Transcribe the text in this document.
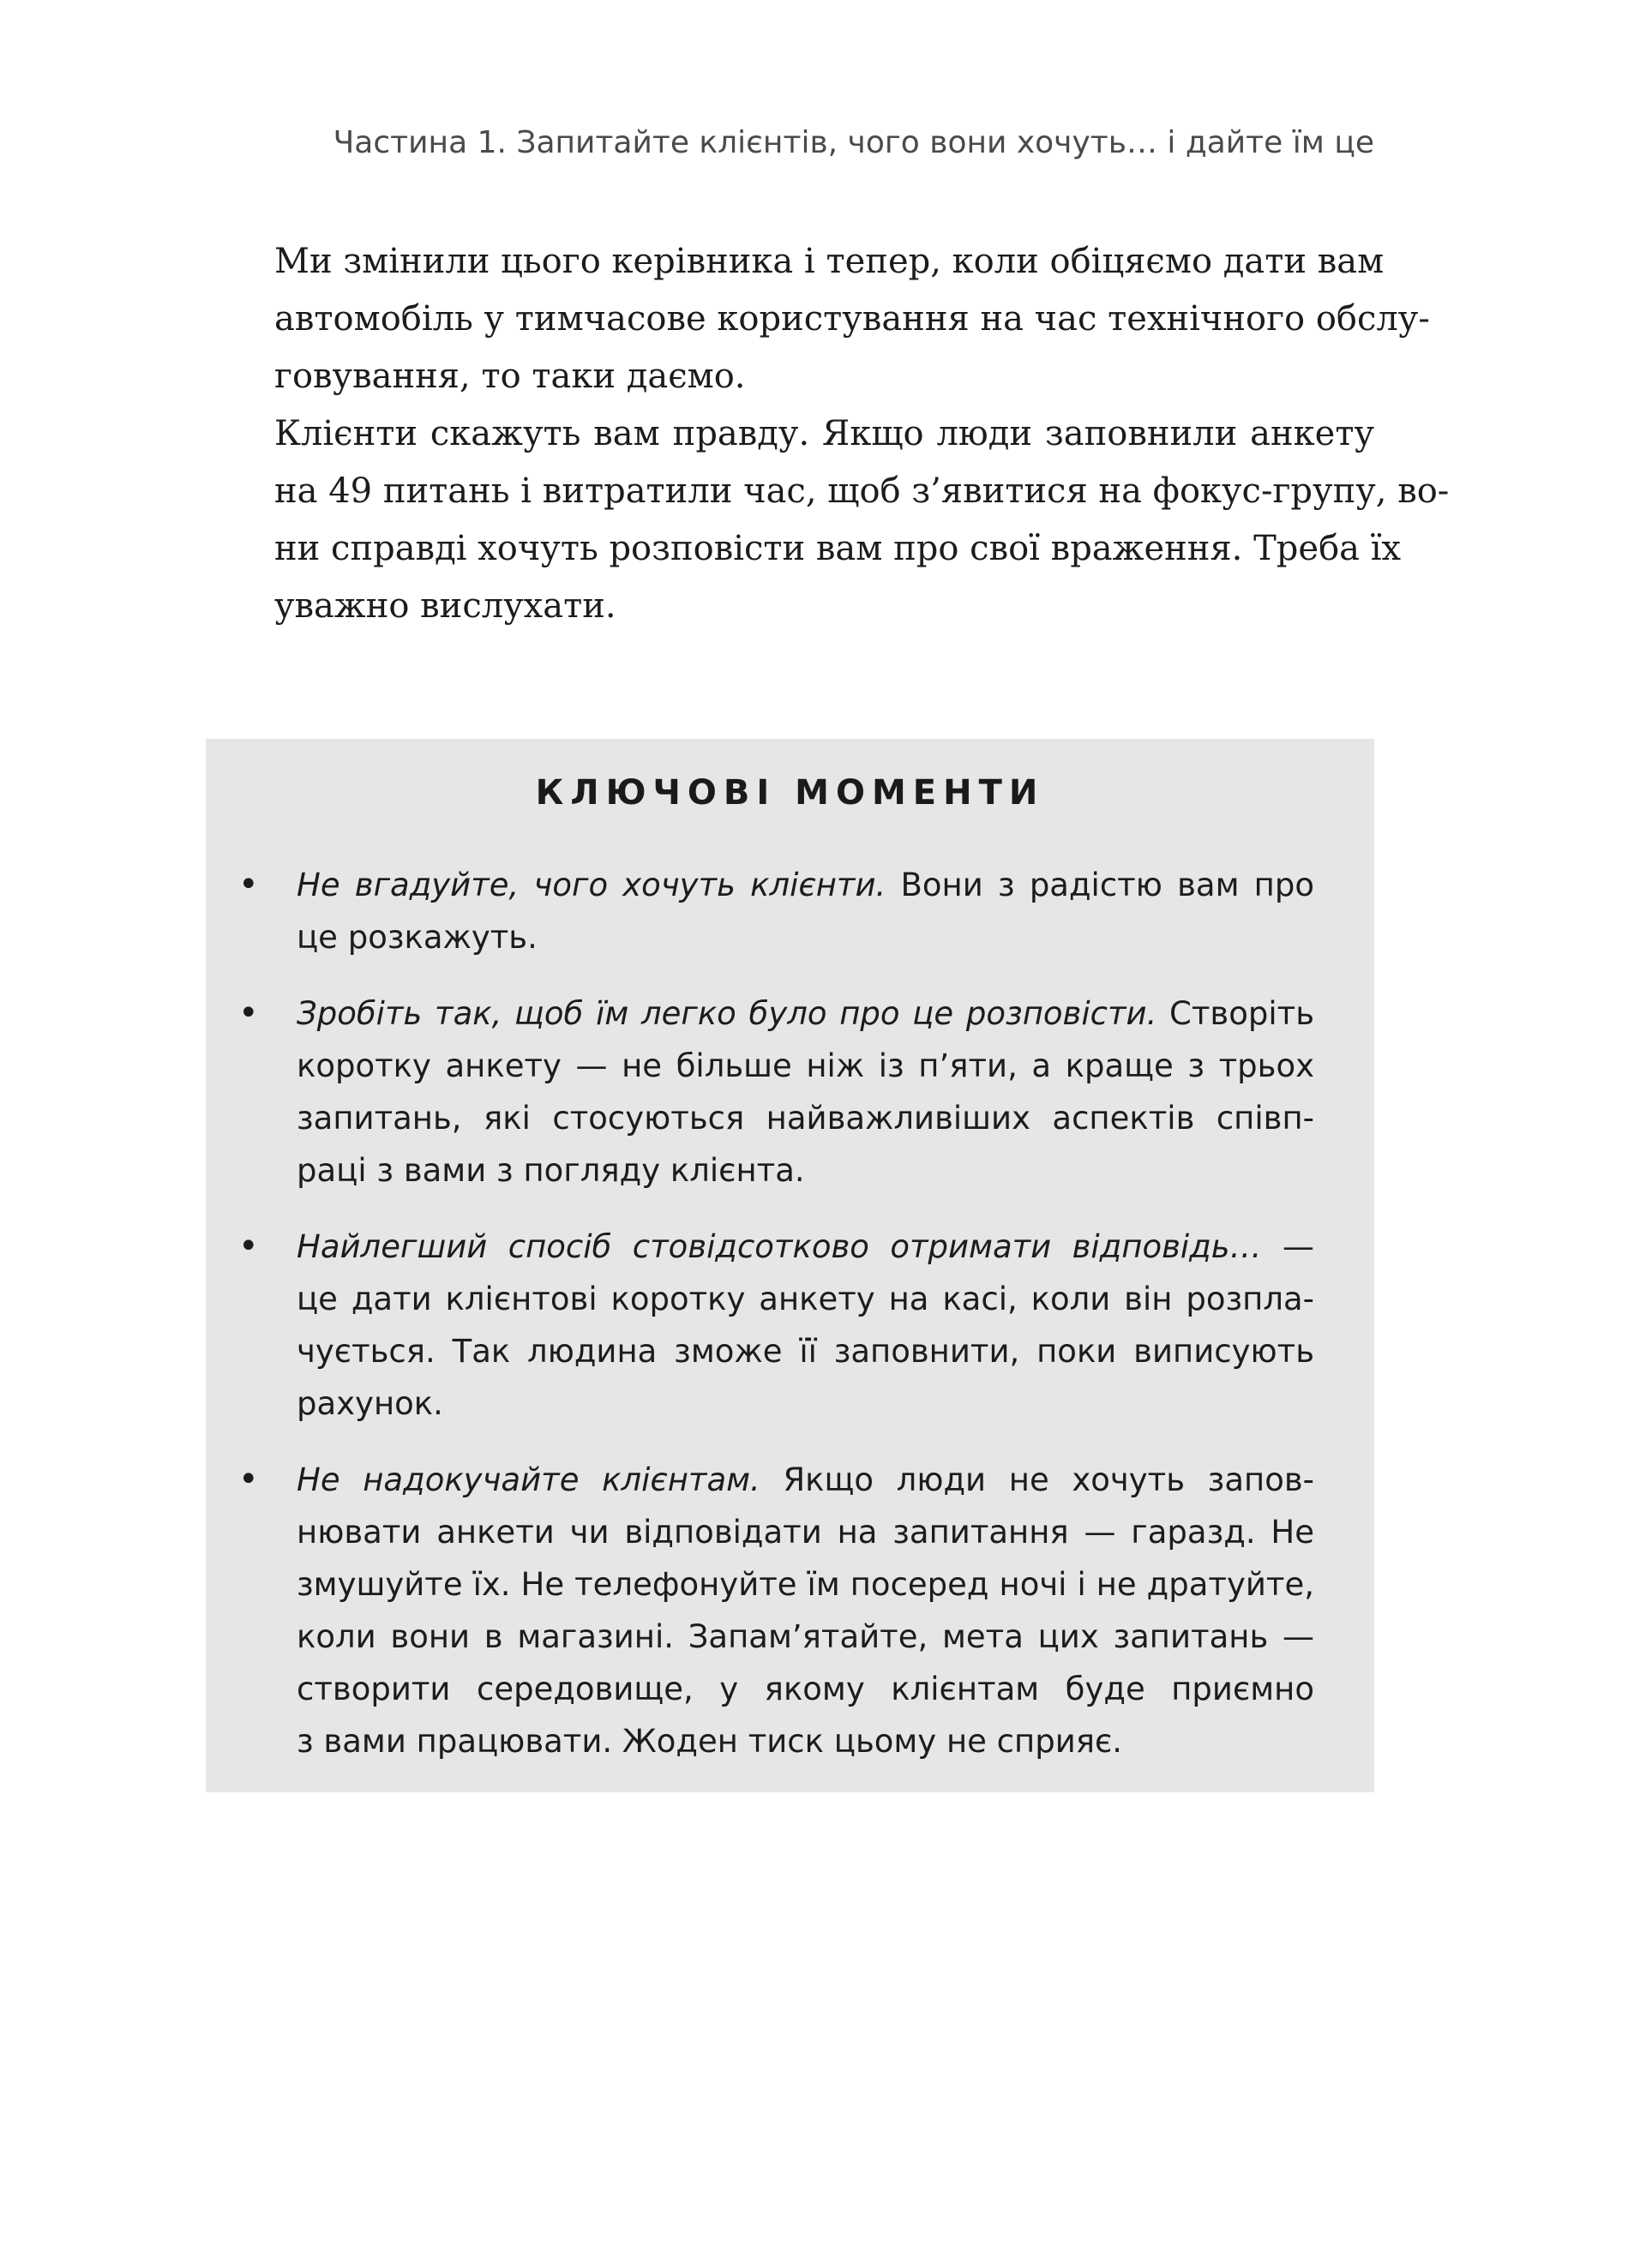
Частина 1. Запитайте клієнтів, чого вони хочуть… і дайте їм це

Ми змінили цього керівника і тепер, коли обіцяємо дати вам
автомобіль у тимчасове користування на час технічного обслу-
говування, то таки даємо.

Клієнти скажуть вам правду. Якщо люди заповнили анкету
на 49 питань і витратили час, щоб з’явитися на фокус-групу, во-
ни справді хочуть розповісти вам про свої враження. Треба їх
уважно вислухати.

КЛЮЧОВІ МОМЕНТИ
• Не вгадуйте, чого хочуть клієнти. Вони з радістю вам про
це розкажуть.
• Зробіть так, щоб їм легко було про це розповісти. Створіть
коротку анкету — не більше ніж із п’яти, а краще з трьох
запитань, які стосуються найважливіших аспектів співп-
раці з вами з погляду клієнта.
• Найлегший спосіб стовідсотково отримати відповідь… —
це дати клієнтові коротку анкету на касі, коли він розпла-
чується. Так людина зможе її заповнити, поки виписують
рахунок.
• Не надокучайте клієнтам. Якщо люди не хочуть запов-
нювати анкети чи відповідати на запитання — гаразд. Не
змушуйте їх. Не телефонуйте їм посеред ночі і не дратуйте,
коли вони в магазині. Запам’ятайте, мета цих запитань —
створити середовище, у якому клієнтам буде приємно
з вами працювати. Жоден тиск цьому не сприяє.
